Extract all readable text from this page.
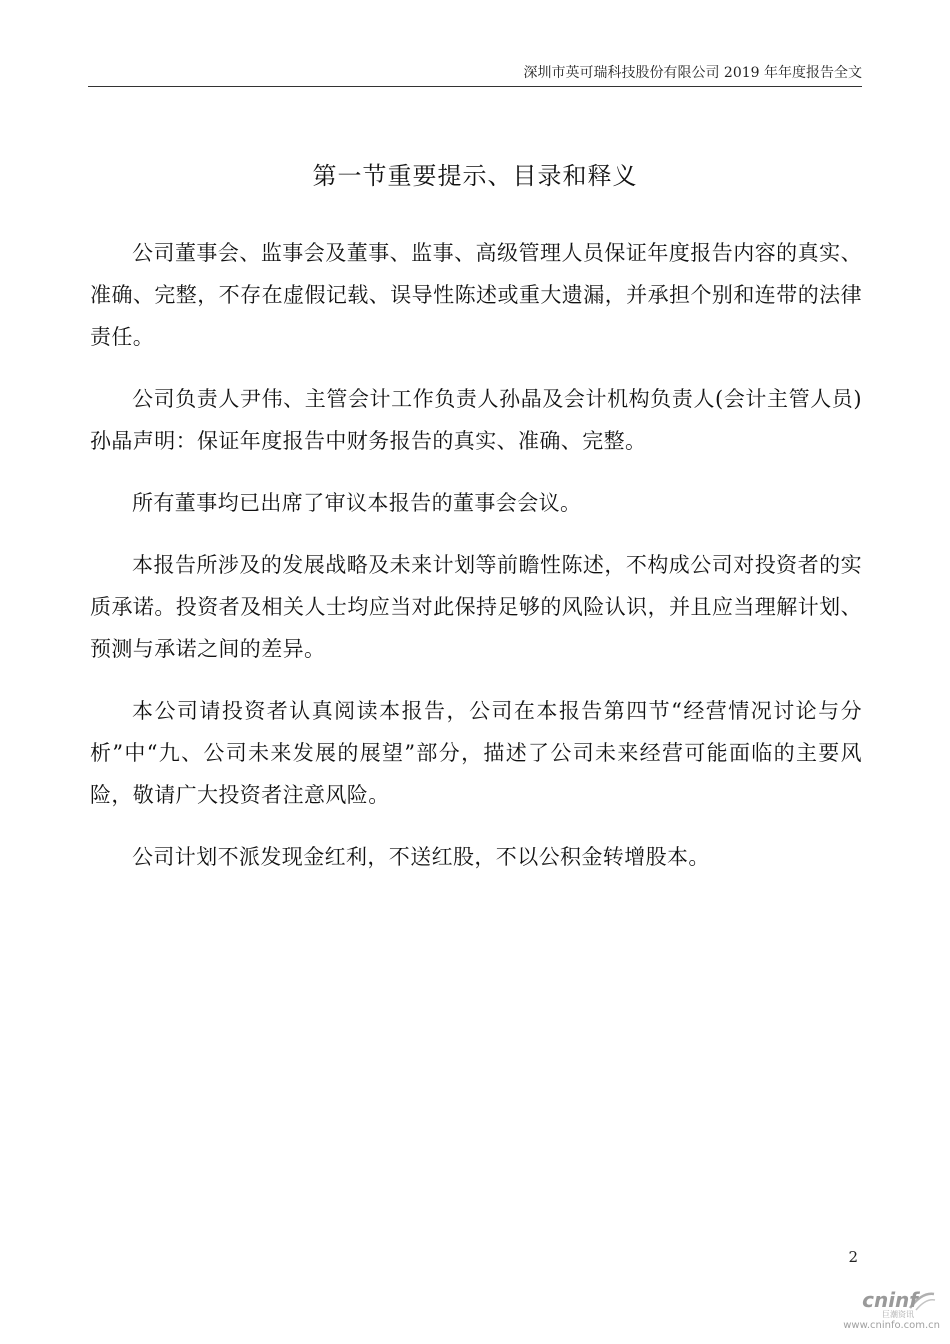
深圳市英可瑞科技股份有限公司 2019 年年度报告全文
第一节重要提示、目录和释义

公司董事会、监事会及董事、监事、高级管理人员保证年度报告内容的真实、准确、完整，不存在虚假记载、误导性陈述或重大遗漏，并承担个别和连带的法律责任。

公司负责人尹伟、主管会计工作负责人孙晶及会计机构负责人(会计主管人员)孙晶声明：保证年度报告中财务报告的真实、准确、完整。

所有董事均已出席了审议本报告的董事会会议。

本报告所涉及的发展战略及未来计划等前瞻性陈述，不构成公司对投资者的实质承诺。投资者及相关人士均应当对此保持足够的风险认识，并且应当理解计划、预测与承诺之间的差异。

本公司请投资者认真阅读本报告，公司在本报告第四节“经营情况讨论与分析”中“九、公司未来发展的展望”部分，描述了公司未来经营可能面临的主要风险，敬请广大投资者注意风险。

公司计划不派发现金红利，不送红股，不以公积金转增股本。

2
cninf
巨潮资讯
www.cninfo.com.cn
